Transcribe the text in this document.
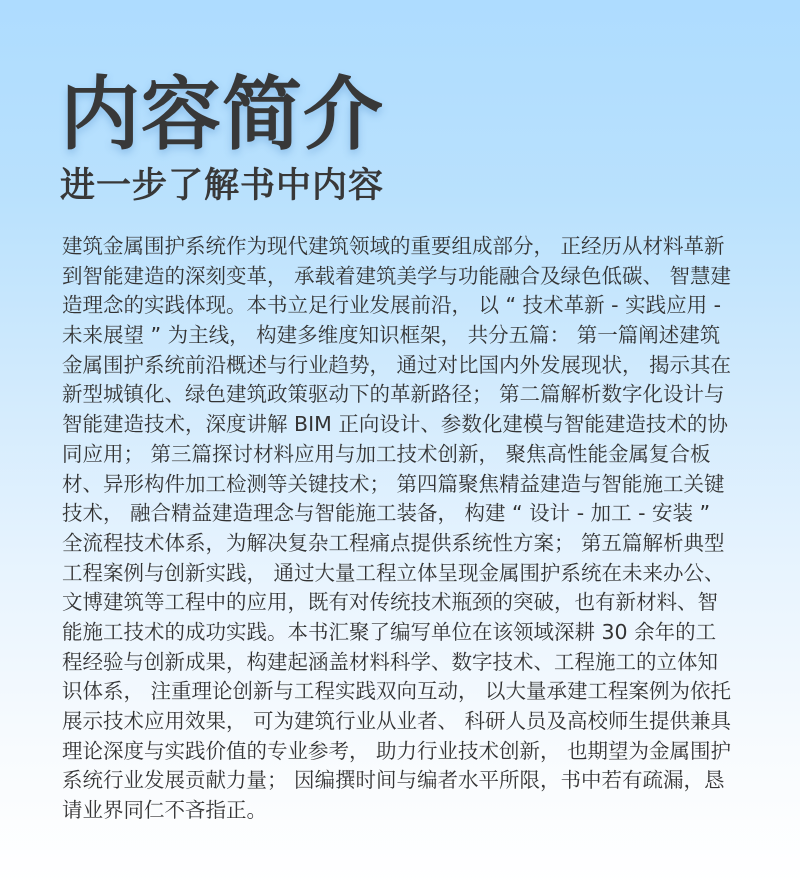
内容简介
进一步了解书中内容
建筑金属围护系统作为现代建筑领域的重要组成部分， 正经历从材料革新
到智能建造的深刻变革， 承载着建筑美学与功能融合及绿色低碳、 智慧建
造理念的实践体现。本书立足行业发展前沿， 以 “ 技术革新 - 实践应用 -
未来展望 ” 为主线， 构建多维度知识框架， 共分五篇： 第一篇阐述建筑
金属围护系统前沿概述与行业趋势， 通过对比国内外发展现状， 揭示其在
新型城镇化、绿色建筑政策驱动下的革新路径； 第二篇解析数字化设计与
智能建造技术，深度讲解 BIM 正向设计、参数化建模与智能建造技术的协
同应用； 第三篇探讨材料应用与加工技术创新， 聚焦高性能金属复合板
材、异形构件加工检测等关键技术； 第四篇聚焦精益建造与智能施工关键
技术， 融合精益建造理念与智能施工装备， 构建 “ 设计 - 加工 - 安装 ”
全流程技术体系，为解决复杂工程痛点提供系统性方案； 第五篇解析典型
工程案例与创新实践， 通过大量工程立体呈现金属围护系统在未来办公、
文博建筑等工程中的应用，既有对传统技术瓶颈的突破，也有新材料、智
能施工技术的成功实践。本书汇聚了编写单位在该领域深耕 30 余年的工
程经验与创新成果，构建起涵盖材料科学、数字技术、工程施工的立体知
识体系， 注重理论创新与工程实践双向互动， 以大量承建工程案例为依托
展示技术应用效果， 可为建筑行业从业者、 科研人员及高校师生提供兼具
理论深度与实践价值的专业参考， 助力行业技术创新， 也期望为金属围护
系统行业发展贡献力量； 因编撰时间与编者水平所限，书中若有疏漏，恳
请业界同仁不吝指正。
